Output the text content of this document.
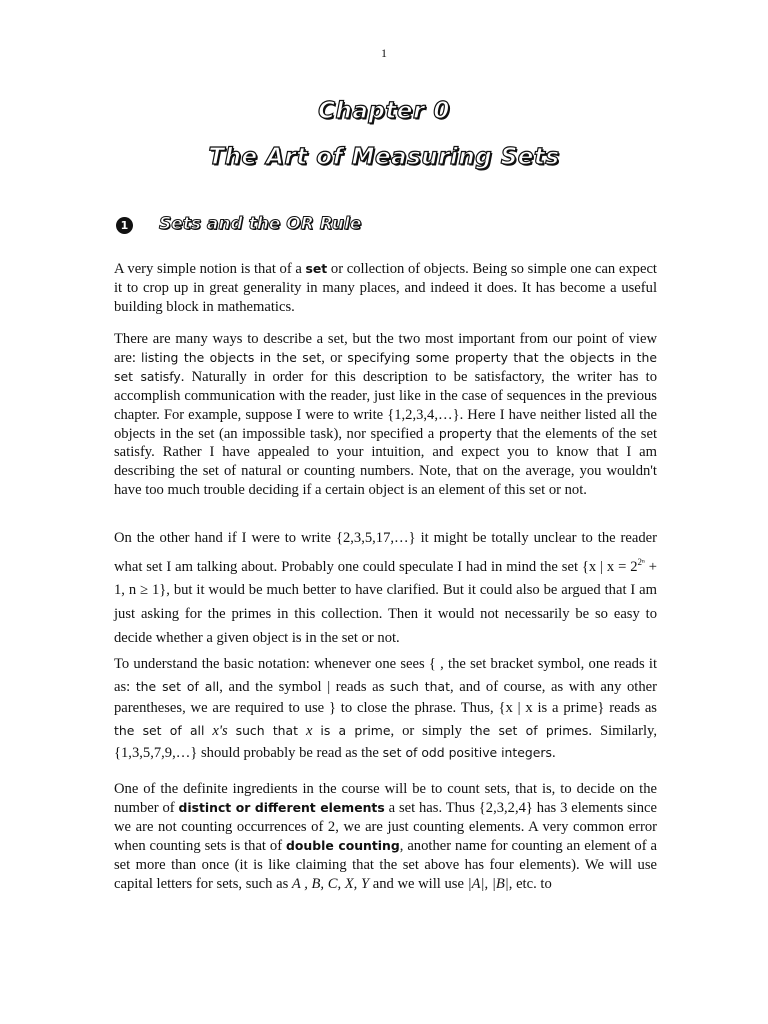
1
Chapter 0
The Art of Measuring Sets
1 Sets and the OR Rule

A very simple notion is that of a set or collection of objects. Being so simple one can expect it to crop up in great generality in many places, and indeed it does. It has become a useful building block in mathematics.

There are many ways to describe a set, but the two most important from our point of view are: listing the objects in the set, or specifying some property that the objects in the set satisfy. Naturally in order for this description to be satisfactory, the writer has to accomplish communication with the reader, just like in the case of sequences in the previous chapter. For example, suppose I were to write {1,2,3,4,…}. Here I have neither listed all the objects in the set (an impossible task), nor specified a property that the elements of the set satisfy. Rather I have appealed to your intuition, and expect you to know that I am describing the set of natural or counting numbers. Note, that on the average, you wouldn't have too much trouble deciding if a certain object is an element of this set or not.

On the other hand if I were to write {2,3,5,17,…} it might be totally unclear to the reader what set I am talking about. Probably one could speculate I had in mind the set {x | $x = 2^{2^n} + 1$, n ≥ 1}, but it would be much better to have clarified. But it could also be argued that I am just asking for the primes in this collection. Then it would not necessarily be so easy to decide whether a given object is in the set or not.

To understand the basic notation: whenever one sees { , the set bracket symbol, one reads it as: the set of all, and the symbol | reads as such that, and of course, as with any other parentheses, we are required to use } to close the phrase. Thus, {x | x is a prime} reads as the set of all x's such that x is a prime, or simply the set of primes. Similarly, {1,3,5,7,9,…} should probably be read as the set of odd positive integers.

One of the definite ingredients in the course will be to count sets, that is, to decide on the number of distinct or different elements a set has. Thus {2,3,2,4} has 3 elements since we are not counting occurrences of 2, we are just counting elements. A very common error when counting sets is that of double counting, another name for counting an element of a set more than once (it is like claiming that the set above has four elements). We will use capital letters for sets, such as A , B, C, X, Y and we will use |A|, |B|, etc. to
